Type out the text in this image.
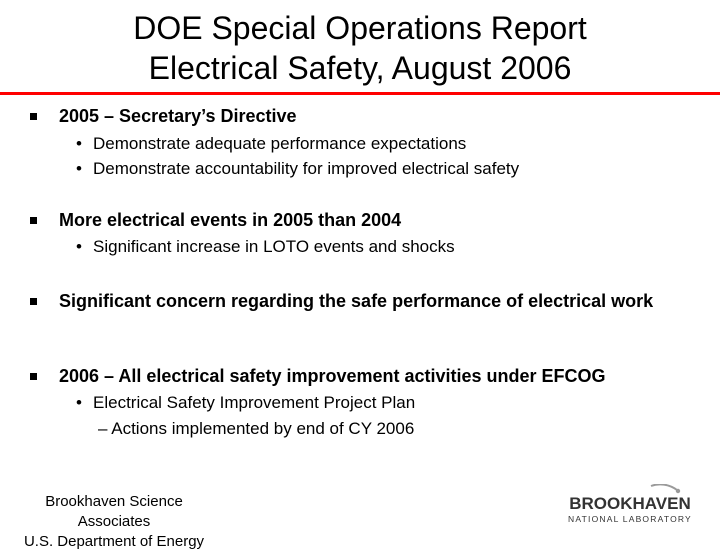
DOE Special Operations Report
Electrical Safety, August 2006
2005 – Secretary’s Directive
• Demonstrate adequate performance expectations
• Demonstrate accountability for improved electrical safety
More electrical events in 2005 than 2004
• Significant increase in LOTO events and shocks
Significant concern regarding the safe performance of electrical work
2006 – All electrical safety improvement activities under EFCOG
• Electrical Safety Improvement Project Plan
– Actions implemented by end of CY 2006
Brookhaven Science
Associates
U.S. Department of Energy
BROOKHAVEN
NATIONAL LABORATORY
